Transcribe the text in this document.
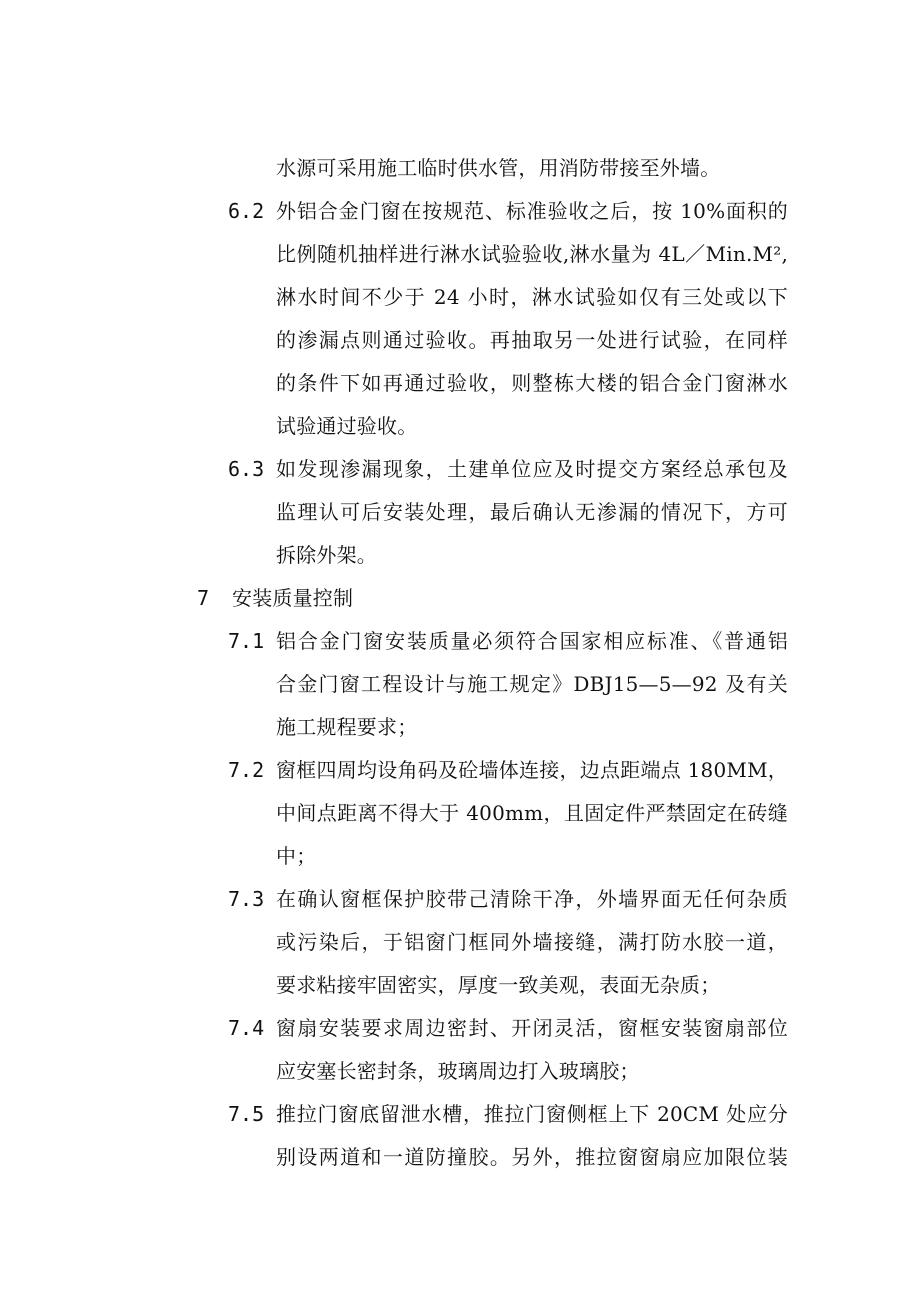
水源可采用施工临时供水管，用消防带接至外墙。
6.2 外铝合金门窗在按规范、标准验收之后，按 10%面积的
比例随机抽样进行淋水试验验收,淋水量为 4L／Min.M²,
淋水时间不少于 24 小时，淋水试验如仅有三处或以下
的渗漏点则通过验收。再抽取另一处进行试验，在同样
的条件下如再通过验收，则整栋大楼的铝合金门窗淋水
试验通过验收。
6.3 如发现渗漏现象，土建单位应及时提交方案经总承包及
监理认可后安装处理，最后确认无渗漏的情况下，方可
拆除外架。
7 安装质量控制
7.1 铝合金门窗安装质量必须符合国家相应标准、《普通铝
合金门窗工程设计与施工规定》DBJ15—5—92 及有关
施工规程要求；
7.2 窗框四周均设角码及砼墙体连接，边点距端点 180MM，
中间点距离不得大于 400mm，且固定件严禁固定在砖缝
中；
7.3 在确认窗框保护胶带己清除干净，外墙界面无任何杂质
或污染后，于铝窗门框同外墙接缝，满打防水胶一道，
要求粘接牢固密实，厚度一致美观，表面无杂质；
7.4 窗扇安装要求周边密封、开闭灵活，窗框安装窗扇部位
应安塞长密封条，玻璃周边打入玻璃胶；
7.5 推拉门窗底留泄水槽，推拉门窗侧框上下 20CM 处应分
别设两道和一道防撞胶。另外，推拉窗窗扇应加限位装
